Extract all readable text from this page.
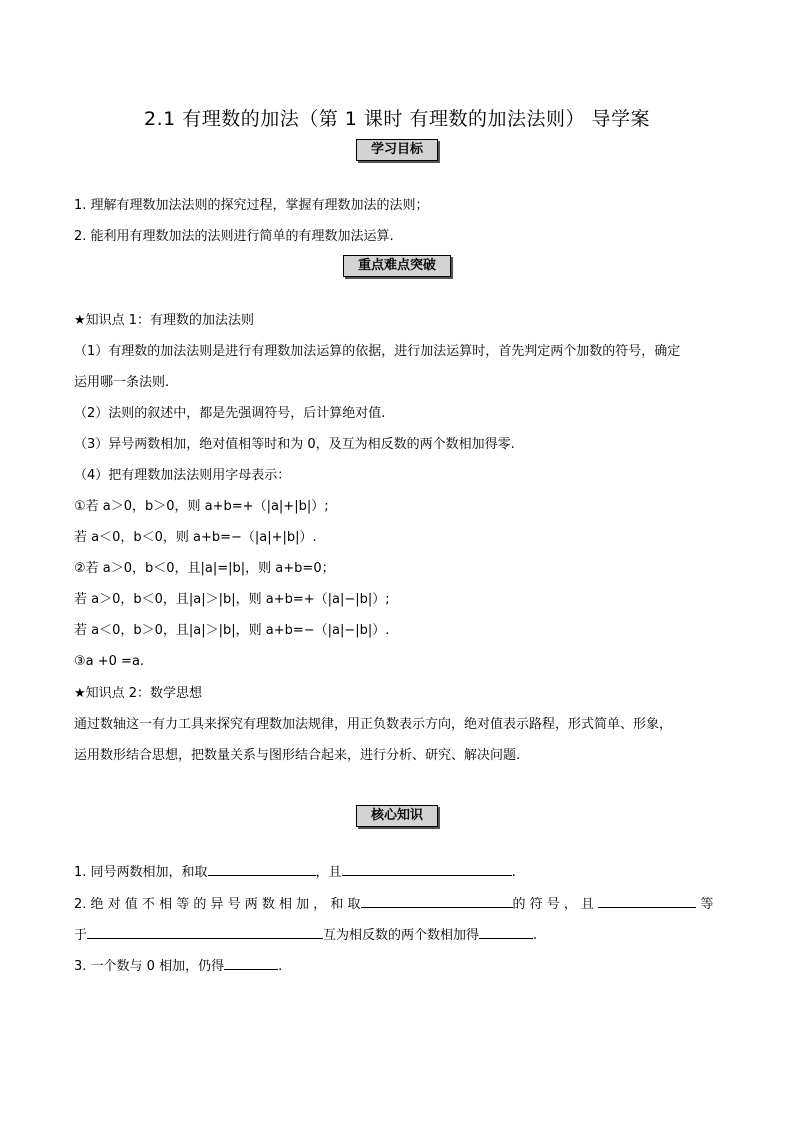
2.1 有理数的加法（第 1 课时 有理数的加法法则） 导学案
学习目标
1. 理解有理数加法法则的探究过程，掌握有理数加法的法则；
2. 能利用有理数加法的法则进行简单的有理数加法运算.
重点难点突破
★知识点 1：有理数的加法法则
（1）有理数的加法法则是进行有理数加法运算的依据，进行加法运算时，首先判定两个加数的符号，确定
运用哪一条法则.
（2）法则的叙述中，都是先强调符号，后计算绝对值.
（3）异号两数相加，绝对值相等时和为 0，及互为相反数的两个数相加得零.
（4）把有理数加法法则用字母表示：
①若 a＞0，b＞0，则 a+b=+（|a|+|b|）;
若 a＜0，b＜0，则 a+b=−（|a|+|b|）.
②若 a＞0，b＜0，且|a|=|b|，则 a+b=0；
若 a＞0，b＜0，且|a|＞|b|，则 a+b=+（|a|−|b|）;
若 a＜0，b＞0，且|a|＞|b|，则 a+b=−（|a|−|b|）.
③a +0 =a.
★知识点 2：数学思想
通过数轴这一有力工具来探究有理数加法规律，用正负数表示方向，绝对值表示路程，形式简单、形象，
运用数形结合思想，把数量关系与图形结合起来，进行分析、研究、解决问题.
核心知识
1. 同号两数相加，和取	，且	.
2. 绝 对 值 不 相 等 的 异 号 两 数 相 加 ， 和 取	的 符 号 ， 且	等
于	互为相反数的两个数相加得	.
3. 一个数与 0 相加，仍得	.
